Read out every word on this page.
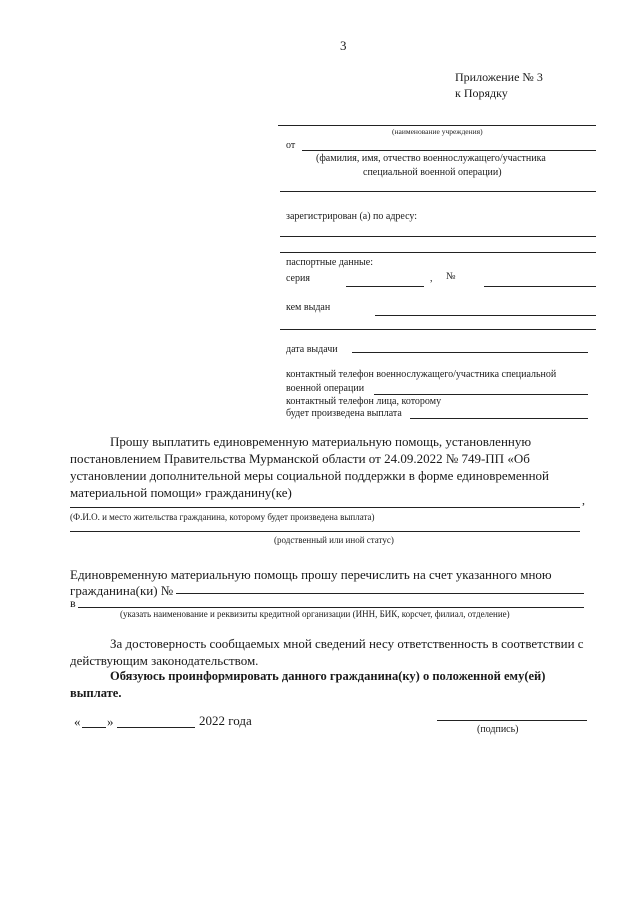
3
Приложение № 3
к Порядку
(наименование учреждения)
от
(фамилия, имя, отчество военнослужащего/участника
специальной военной операции)
зарегистрирован (а) по адресу:
паспортные данные:
серия	, №
кем выдан
дата выдачи
контактный телефон военнослужащего/участника специальной
военной операции
контактный телефон лица, которому
будет произведена выплата
Прошу выплатить единовременную материальную помощь, установленную
постановлением Правительства Мурманской области от 24.09.2022 № 749-ПП «Об
установлении дополнительной меры социальной поддержки в форме единовременной
материальной помощи» гражданину(ке)	,
(Ф.И.О. и место жительства гражданина, которому будет произведена выплата)
(родственный или иной статус)
Единовременную материальную помощь прошу перечислить на счет указанного мною
гражданина(ки) №
в
(указать наименование и реквизиты кредитной организации (ИНН, БИК, корсчет, филиал, отделение)
За достоверность сообщаемых мной сведений несу ответственность в соответствии с
действующим законодательством.
Обязуюсь проинформировать данного гражданина(ку) о положенной ему(ей)
выплате.
« »	2022 года
(подпись)
